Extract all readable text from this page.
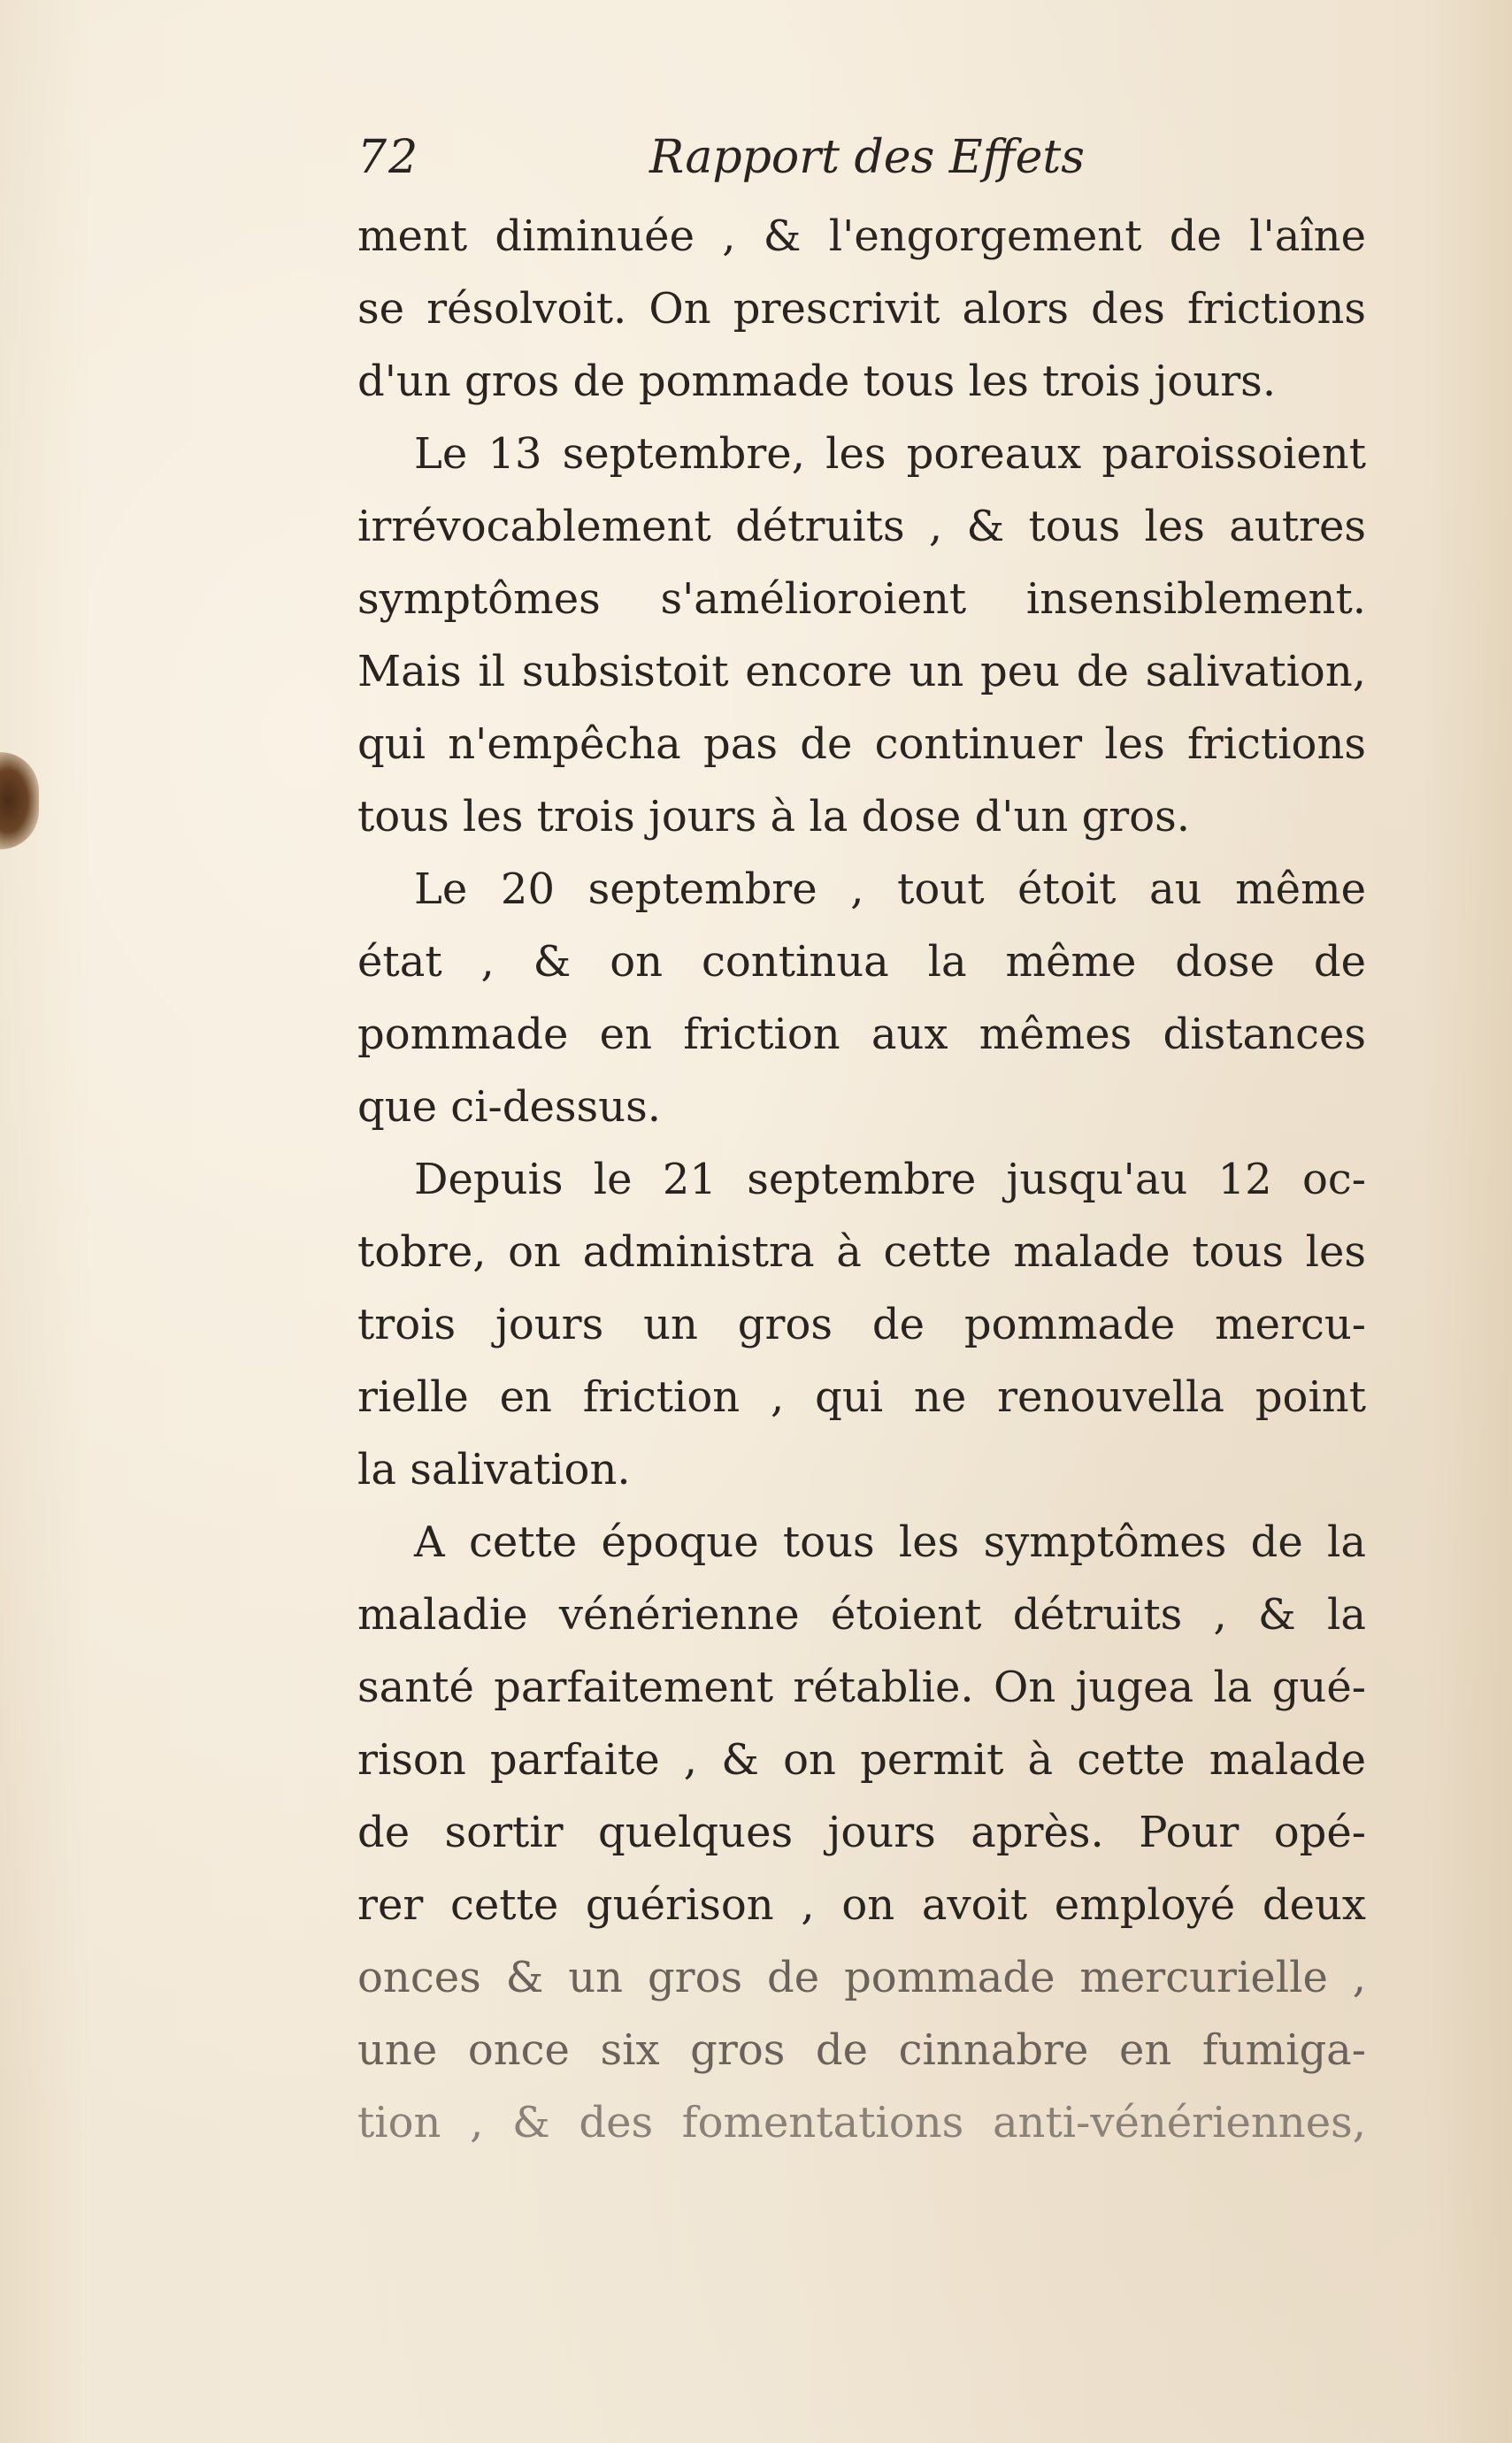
72	Rapport des Effets
ment diminuée , & l'engorgement de l'aîne
se résolvoit. On prescrivit alors des frictions
d'un gros de pommade tous les trois jours.
Le 13 septembre, les poreaux paroissoient
irrévocablement détruits , & tous les autres
symptômes s'amélioroient insensiblement.
Mais il subsistoit encore un peu de salivation,
qui n'empêcha pas de continuer les frictions
tous les trois jours à la dose d'un gros.
Le 20 septembre , tout étoit au même
état , & on continua la même dose de
pommade en friction aux mêmes distances
que ci-dessus.
Depuis le 21 septembre jusqu'au 12 oc-
tobre, on administra à cette malade tous les
trois jours un gros de pommade mercu-
rielle en friction , qui ne renouvella point
la salivation.
A cette époque tous les symptômes de la
maladie vénérienne étoient détruits , & la
santé parfaitement rétablie. On jugea la gué-
rison parfaite , & on permit à cette malade
de sortir quelques jours après. Pour opé-
rer cette guérison , on avoit employé deux
onces & un gros de pommade mercurielle ,
une once six gros de cinnabre en fumiga-
tion , & des fomentations anti-vénériennes,
